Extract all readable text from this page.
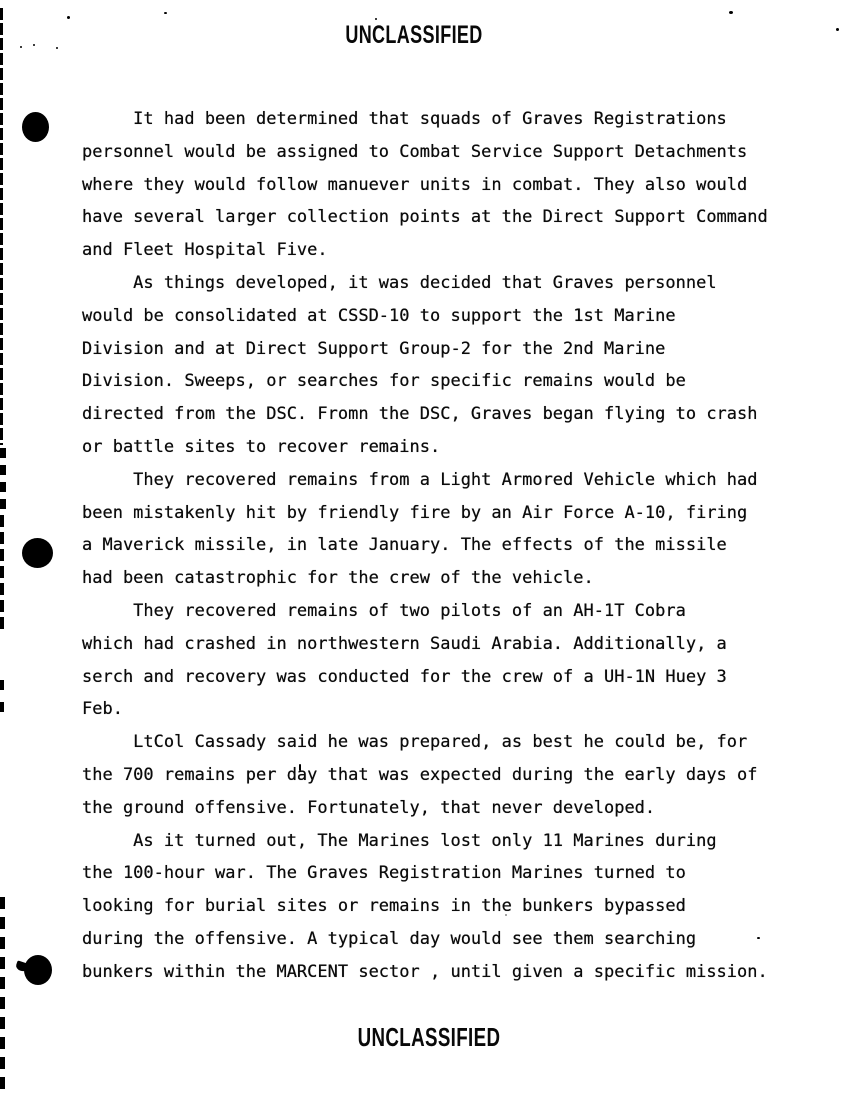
UNCLASSIFIED
It had been determined that squads of Graves Registrations
personnel would be assigned to Combat Service Support Detachments
where they would follow manuever units in combat. They also would
have several larger collection points at the Direct Support Command
and Fleet Hospital Five.
As things developed, it was decided that Graves personnel
would be consolidated at CSSD-10 to support the 1st Marine
Division and at Direct Support Group-2 for the 2nd Marine
Division. Sweeps, or searches for specific remains would be
directed from the DSC. Fromn the DSC, Graves began flying to crash
or battle sites to recover remains.
They recovered remains from a Light Armored Vehicle which had
been mistakenly hit by friendly fire by an Air Force A-10, firing
a Maverick missile, in late January. The effects of the missile
had been catastrophic for the crew of the vehicle.
They recovered remains of two pilots of an AH-1T Cobra
which had crashed in northwestern Saudi Arabia. Additionally, a
serch and recovery was conducted for the crew of a UH-1N Huey 3
Feb.
LtCol Cassady said he was prepared, as best he could be, for
the 700 remains per day that was expected during the early days of
the ground offensive. Fortunately, that never developed.
As it turned out, The Marines lost only 11 Marines during
the 100-hour war. The Graves Registration Marines turned to
looking for burial sites or remains in the bunkers bypassed
during the offensive. A typical day would see them searching
bunkers within the MARCENT sector , until given a specific mission.
UNCLASSIFIED
